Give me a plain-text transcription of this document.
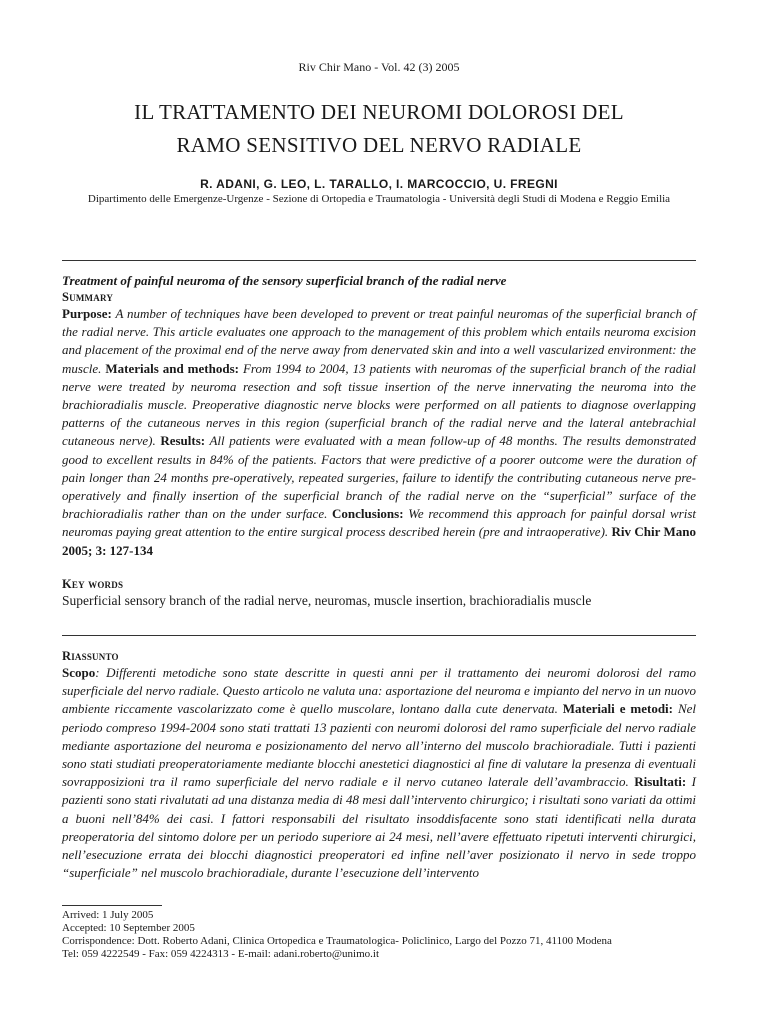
Riv Chir Mano - Vol. 42 (3) 2005
IL TRATTAMENTO DEI NEUROMI DOLOROSI DEL
RAMO SENSITIVO DEL NERVO RADIALE
R. ADANI, G. LEO, L. TARALLO, I. MARCOCCIO, U. FREGNI
Dipartimento delle Emergenze-Urgenze - Sezione di Ortopedia e Traumatologia - Università degli Studi di Modena e Reggio Emilia
Treatment of painful neuroma of the sensory superficial branch of the radial nerve
Summary
Purpose: A number of techniques have been developed to prevent or treat painful neuromas of the superficial branch of the radial nerve. This article evaluates one approach to the management of this problem which entails neuroma excision and placement of the proximal end of the nerve away from denervated skin and into a well vascularized environment: the muscle. Materials and methods: From 1994 to 2004, 13 patients with neuromas of the superficial branch of the radial nerve were treated by neuroma resection and soft tissue insertion of the nerve innervating the neuroma into the brachioradialis muscle. Preoperative diagnostic nerve blocks were performed on all patients to diagnose overlapping patterns of the cutaneous nerves in this region (superficial branch of the radial nerve and the lateral antebrachial cutaneous nerve). Results: All patients were evaluated with a mean follow-up of 48 months. The results demonstrated good to excellent results in 84% of the patients. Factors that were predictive of a poorer outcome were the duration of pain longer than 24 months pre-operatively, repeated surgeries, failure to identify the contributing cutaneous nerve pre-operatively and finally insertion of the superficial branch of the radial nerve on the “superficial” surface of the brachioradialis rather than on the under surface. Conclusions: We recommend this approach for painful dorsal wrist neuromas paying great attention to the entire surgical process described herein (pre and intraoperative). Riv Chir Mano 2005; 3: 127-134
Key words
Superficial sensory branch of the radial nerve, neuromas, muscle insertion, brachioradialis muscle
Riassunto
Scopo: Differenti metodiche sono state descritte in questi anni per il trattamento dei neuromi dolorosi del ramo superficiale del nervo radiale. Questo articolo ne valuta una: asportazione del neuroma e impianto del nervo in un nuovo ambiente riccamente vascolarizzato come è quello muscolare, lontano dalla cute denervata. Materiali e metodi: Nel periodo compreso 1994-2004 sono stati trattati 13 pazienti con neuromi dolorosi del ramo superficiale del nervo radiale mediante asportazione del neuroma e posizionamento del nervo all’interno del muscolo brachioradiale. Tutti i pazienti sono stati studiati preoperatoriamente mediante blocchi anestetici diagnostici al fine di valutare la presenza di eventuali sovrapposizioni tra il ramo superficiale del nervo radiale e il nervo cutaneo laterale dell’avambraccio. Risultati: I pazienti sono stati rivalutati ad una distanza media di 48 mesi dall’intervento chirurgico; i risultati sono variati da ottimi a buoni nell’84% dei casi. I fattori responsabili del risultato insoddisfacente sono stati identificati nella durata preoperatoria del sintomo dolore per un periodo superiore ai 24 mesi, nell’avere effettuato ripetuti interventi chirurgici, nell’esecuzione errata dei blocchi diagnostici preoperatori ed infine nell’aver posizionato il nervo in sede troppo “superficiale” nel muscolo brachioradiale, durante l’esecuzione dell’intervento
Arrived: 1 July 2005
Accepted: 10 September 2005
Corrispondence: Dott. Roberto Adani, Clinica Ortopedica e Traumatologica- Policlinico, Largo del Pozzo 71, 41100 Modena
Tel: 059 4222549 - Fax: 059 4224313 - E-mail: adani.roberto@unimo.it
